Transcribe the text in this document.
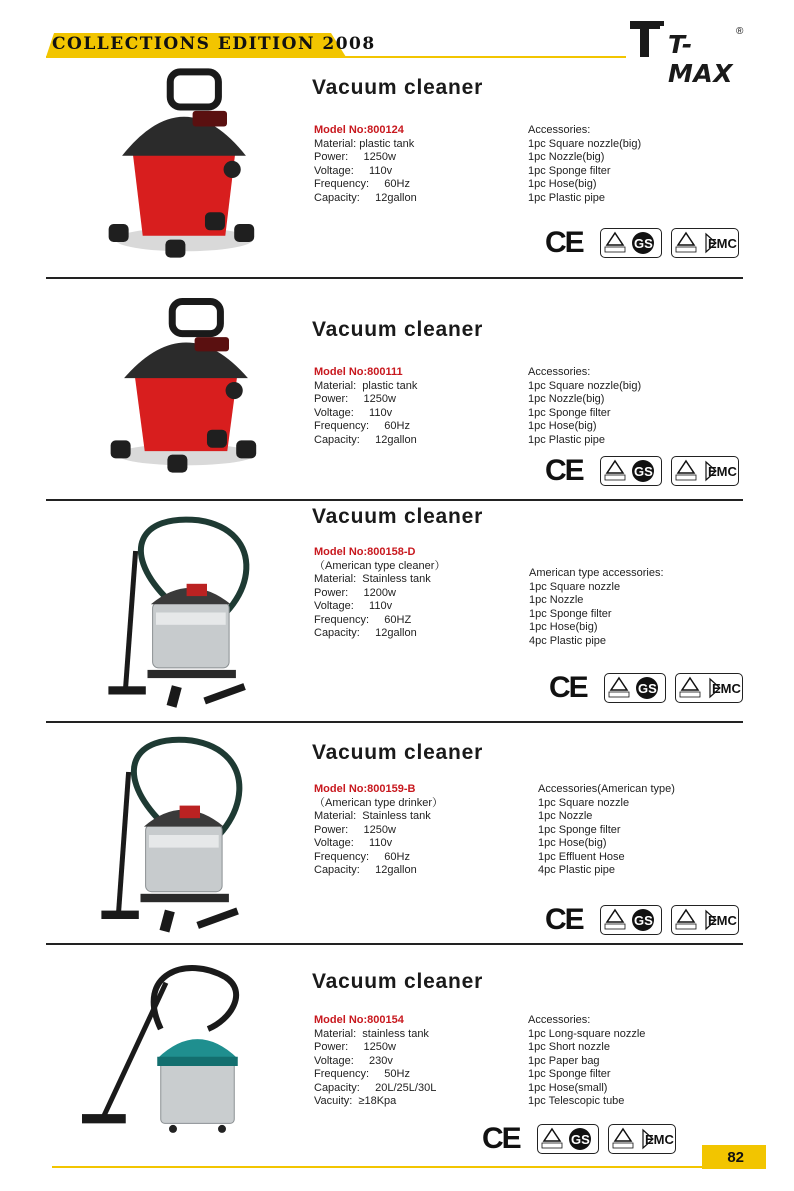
COLLECTIONS EDITION 2008	T-MAX
®
Vacuum cleaner
Model No:800124
Material: plastic tank
Power:     1250w
Voltage:     110v
Frequency:     60Hz
Capacity:     12gallon
Accessories:
1pc Square nozzle(big)
1pc Nozzle(big)
1pc Sponge filter
1pc Hose(big)
1pc Plastic pipe
CE	GS	EMC
Vacuum cleaner
Model No:800111
Material:  plastic tank
Power:     1250w
Voltage:     110v
Frequency:     60Hz
Capacity:     12gallon
Accessories:
1pc Square nozzle(big)
1pc Nozzle(big)
1pc Sponge filter
1pc Hose(big)
1pc Plastic pipe
CE	GS	EMC
Vacuum cleaner
Model No:800158-D
（American type cleaner）
Material:  Stainless tank
Power:     1200w
Voltage:     110v
Frequency:     60HZ
Capacity:     12gallon
American type accessories:
1pc Square nozzle
1pc Nozzle
1pc Sponge filter
1pc Hose(big)
4pc Plastic pipe
CE	GS	EMC
Vacuum cleaner
Model No:800159-B
（American type drinker）
Material:  Stainless tank
Power:     1250w
Voltage:     110v
Frequency:     60Hz
Capacity:     12gallon
Accessories(American type)
1pc Square nozzle
1pc Nozzle
1pc Sponge filter
1pc Hose(big)
1pc Effluent Hose
4pc Plastic pipe
CE	GS	EMC
Vacuum cleaner
Model No:800154
Material:  stainless tank
Power:     1250w
Voltage:     230v
Frequency:     50Hz
Capacity:     20L/25L/30L
Vacuity:  ≥18Kpa
Accessories:
1pc Long-square nozzle
1pc Short nozzle
1pc Paper bag
1pc Sponge filter
1pc Hose(small)
1pc Telescopic tube
CE	GS	EMC
82
